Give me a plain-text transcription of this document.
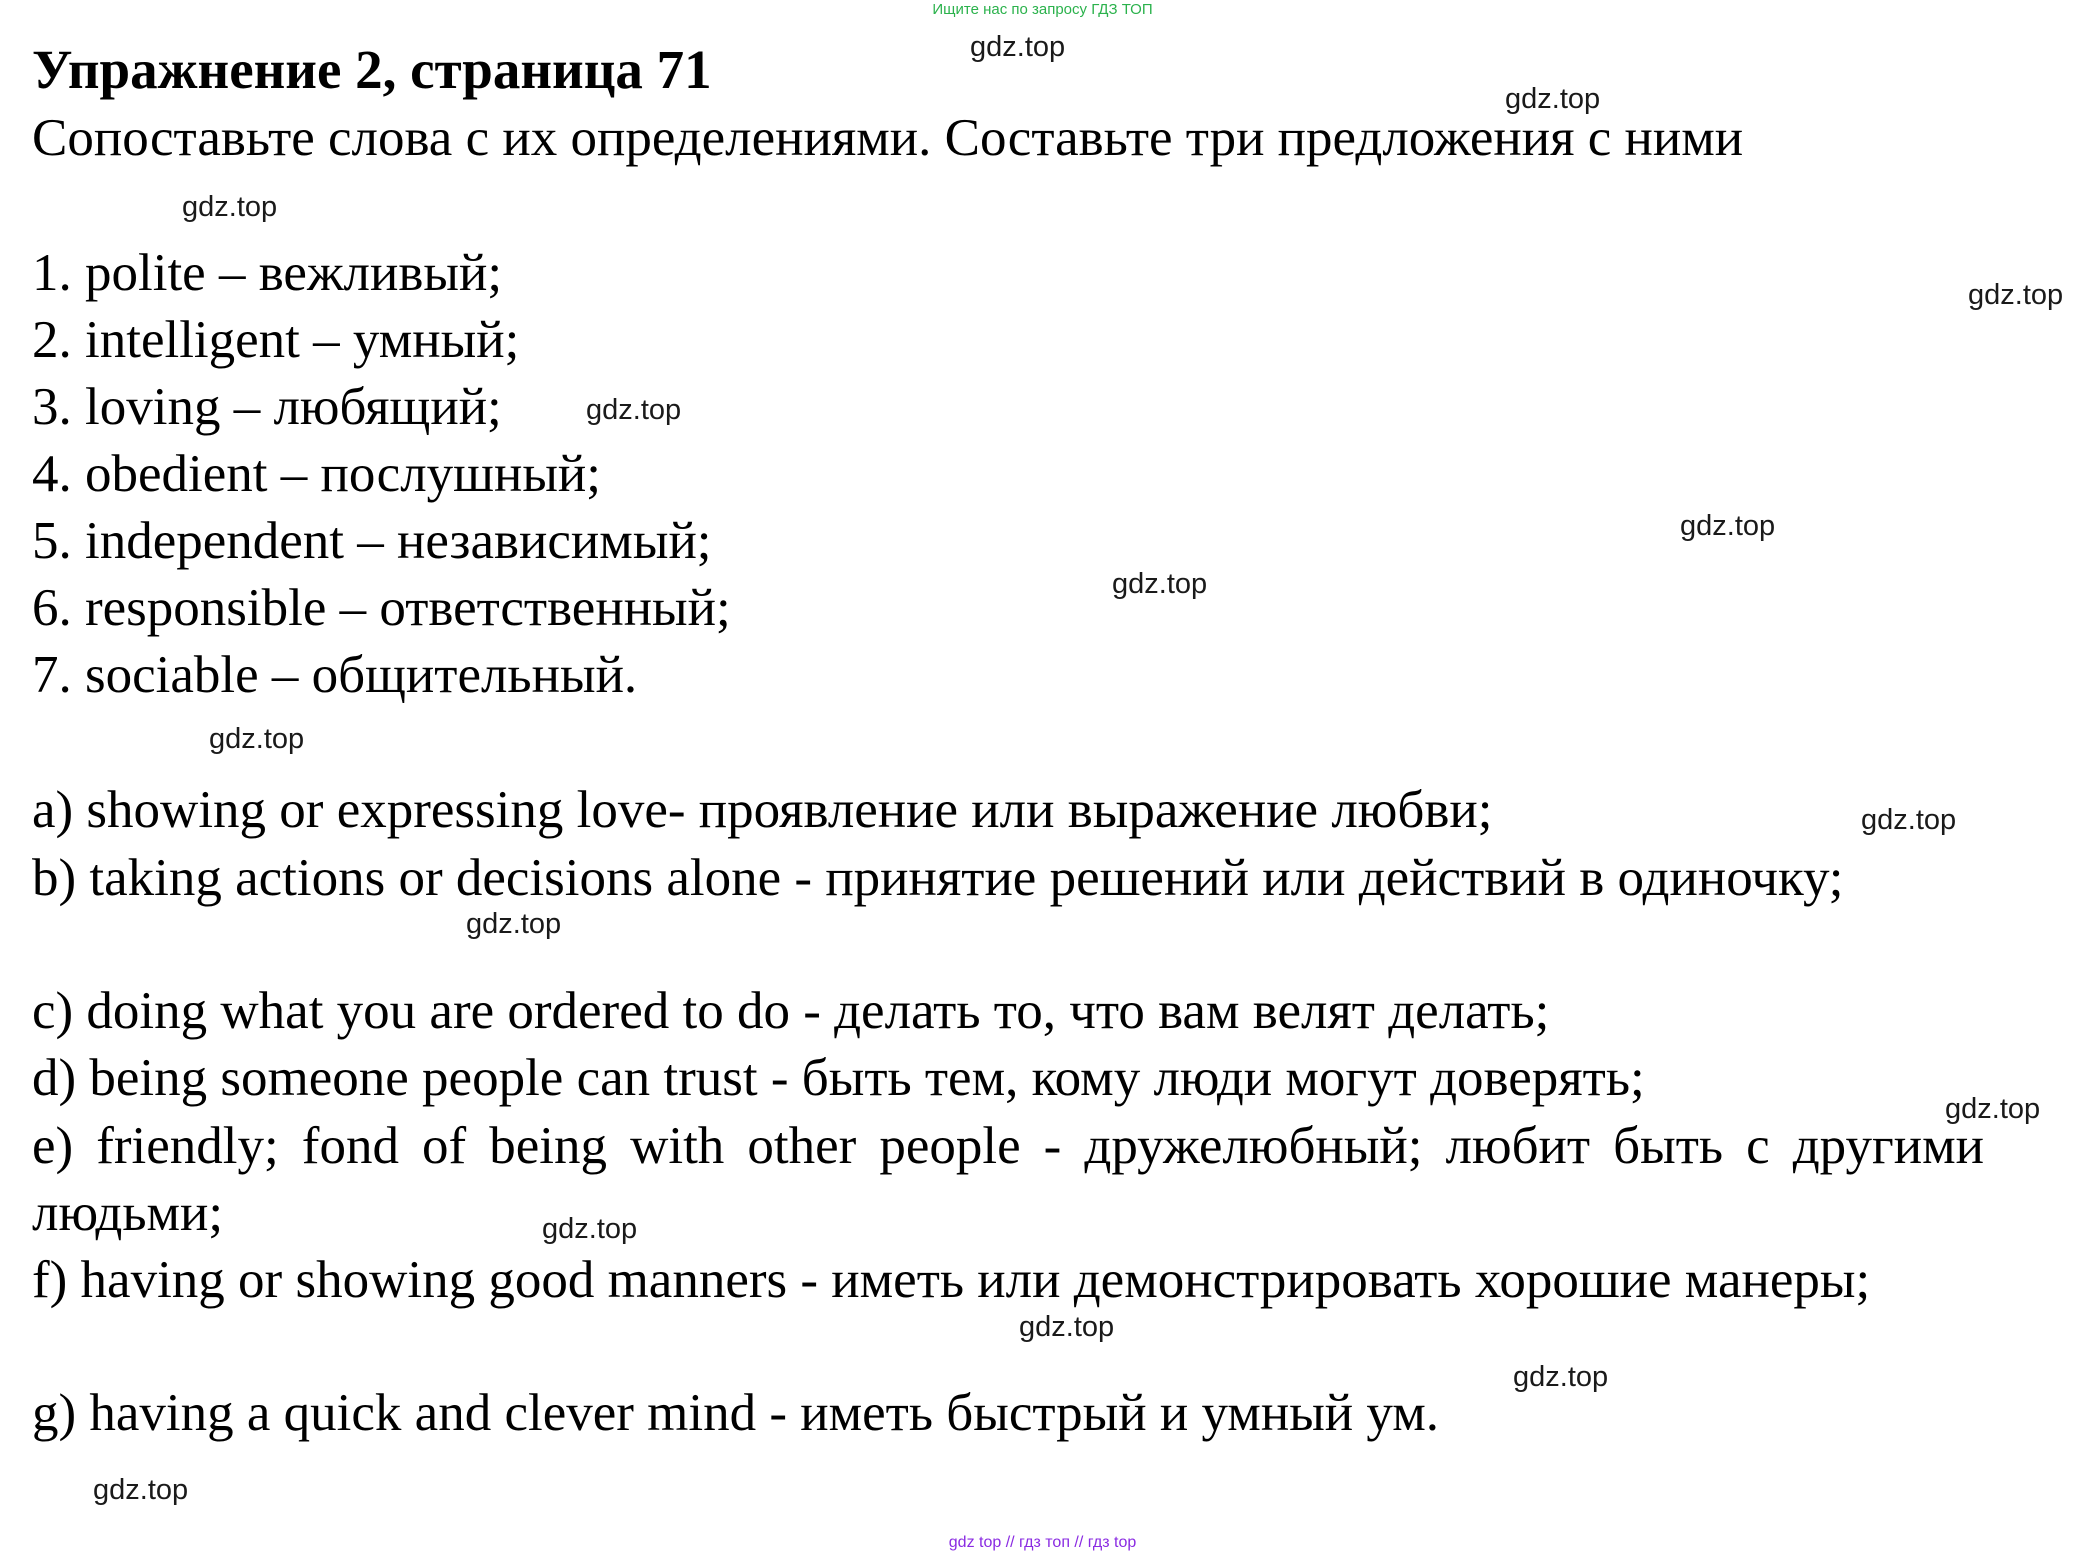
Ищите нас по запросу ГДЗ ТОП
Упражнение 2, страница 71
Сопоставьте слова с их определениями. Составьте три предложения с ними
1. polite – вежливый;
2. intelligent – умный;
3. loving – любящий;
4. obedient – послушный;
5. independent – независимый;
6. responsible – ответственный;
7. sociable – общительный.
a) showing or expressing love- проявление или выражение любви;
b) taking actions or decisions alone - принятие решений или действий в одиночку;
c) doing what you are ordered to do - делать то, что вам велят делать;
d) being someone people can trust - быть тем, кому люди могут доверять;
e) friendly; fond of being with other people - дружелюбный; любит быть с другими людьми;
f) having or showing good manners - иметь или демонстрировать хорошие манеры;
g) having a quick and clever mind - иметь быстрый и умный ум.
gdz.top
gdz.top
gdz.top
gdz.top
gdz.top
gdz.top
gdz.top
gdz.top
gdz.top
gdz.top
gdz.top
gdz.top
gdz.top
gdz.top
gdz.top
gdz top // гдз топ // гдз top
